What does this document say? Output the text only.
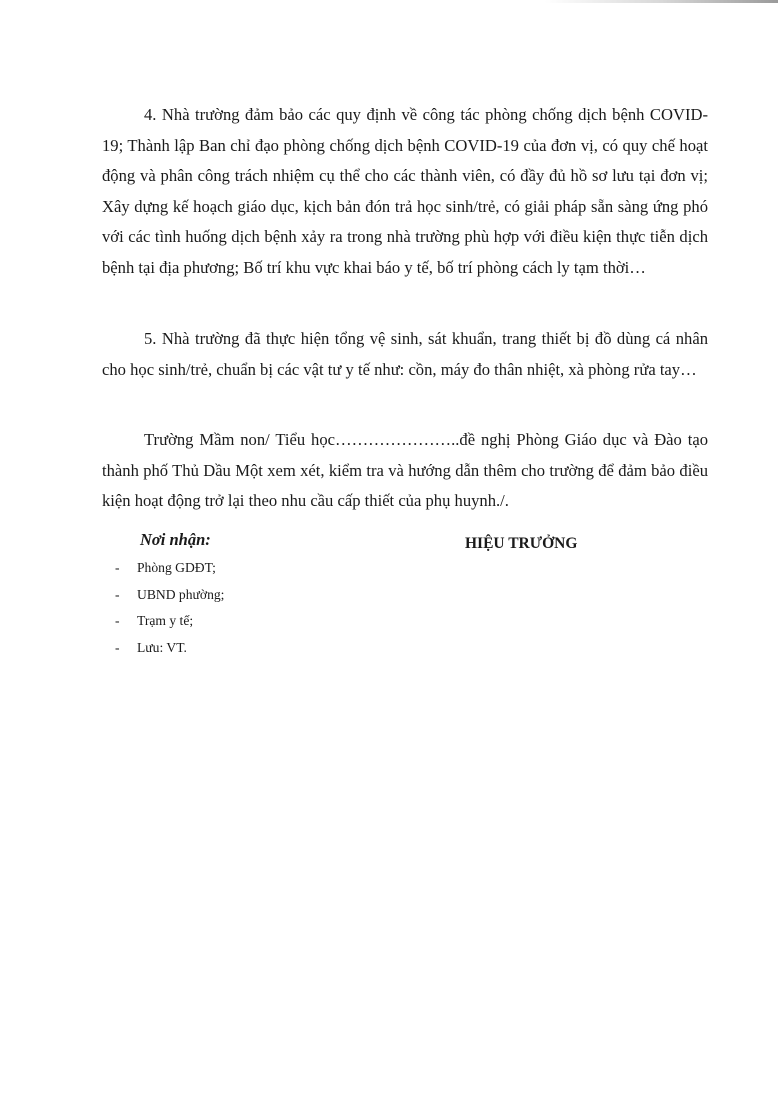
4. Nhà trường đảm bảo các quy định về công tác phòng chống dịch bệnh COVID-19; Thành lập Ban chỉ đạo phòng chống dịch bệnh COVID-19 của đơn vị, có quy chế hoạt động và phân công trách nhiệm cụ thể cho các thành viên, có đầy đủ hồ sơ lưu tại đơn vị; Xây dựng kế hoạch giáo dục, kịch bản đón trả học sinh/trẻ, có giải pháp sẵn sàng ứng phó với các tình huống dịch bệnh xảy ra trong nhà trường phù hợp với điều kiện thực tiễn dịch bệnh tại địa phương; Bố trí khu vực khai báo y tế, bố trí phòng cách ly tạm thời…

5. Nhà trường đã thực hiện tổng vệ sinh, sát khuẩn, trang thiết bị đồ dùng cá nhân cho học sinh/trẻ, chuẩn bị các vật tư y tế như: cồn, máy đo thân nhiệt, xà phòng rửa tay…

Trường Mầm non/ Tiểu học…………………..đề nghị Phòng Giáo dục và Đào tạo thành phố Thủ Dầu Một xem xét, kiểm tra và hướng dẫn thêm cho trường để đảm bảo điều kiện hoạt động trở lại theo nhu cầu cấp thiết của phụ huynh./.

Nơi nhận:

- Phòng GDĐT;
- UBND phường;
- Trạm y tế;
- Lưu: VT.

HIỆU TRƯỞNG
